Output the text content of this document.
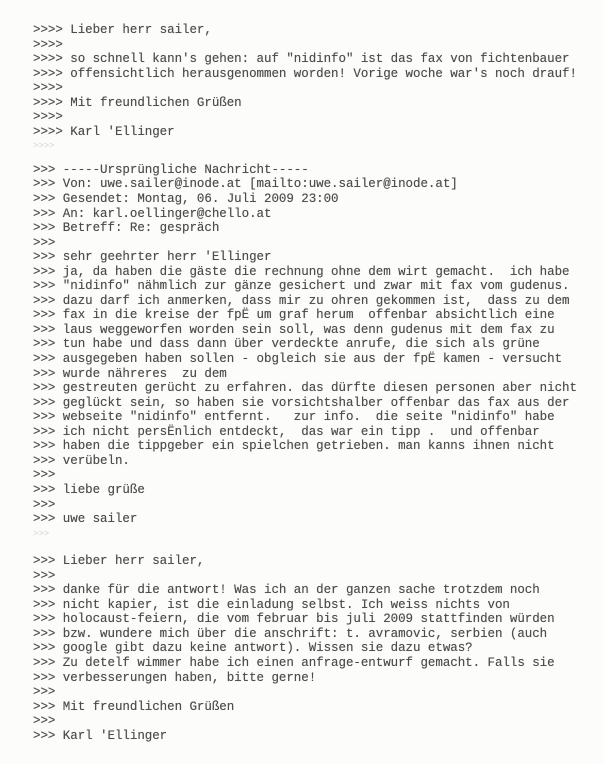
>>>> Lieber herr sailer,
>>>>
>>>> so schnell kann's gehen: auf "nidinfo" ist das fax von fichtenbauer
>>>> offensichtlich herausgenommen worden! Vorige woche war's noch drauf!
>>>>
>>>> Mit freundlichen Grüßen
>>>>
>>>> Karl 'Ellinger
>>>>
>>> -----Ursprüngliche Nachricht-----
>>> Von: uwe.sailer@inode.at [mailto:uwe.sailer@inode.at]
>>> Gesendet: Montag, 06. Juli 2009 23:00
>>> An: karl.oellinger@chello.at
>>> Betreff: Re: gespräch
>>>
>>> sehr geehrter herr 'Ellinger
>>> ja, da haben die gäste die rechnung ohne dem wirt gemacht.  ich habe
>>> "nidinfo" nähmlich zur gänze gesichert und zwar mit fax vom gudenus.
>>> dazu darf ich anmerken, dass mir zu ohren gekommen ist,  dass zu dem
>>> fax in die kreise der fpЁ um graf herum  offenbar absichtlich eine
>>> laus weggeworfen worden sein soll, was denn gudenus mit dem fax zu
>>> tun habe und dass dann über verdeckte anrufe, die sich als grüne
>>> ausgegeben haben sollen - obgleich sie aus der fpЁ kamen - versucht
>>> wurde nähreres  zu dem
>>> gestreuten gerücht zu erfahren. das dürfte diesen personen aber nicht
>>> geglückt sein, so haben sie vorsichtshalber offenbar das fax aus der
>>> webseite "nidinfo" entfernt.   zur info.  die seite "nidinfo" habe
>>> ich nicht persЁnlich entdeckt,  das war ein tipp .  und offenbar
>>> haben die tippgeber ein spielchen getrieben. man kanns ihnen nicht
>>> verübeln.
>>>
>>> liebe grüße
>>>
>>> uwe sailer
>>>
>>> Lieber herr sailer,
>>>
>>> danke für die antwort! Was ich an der ganzen sache trotzdem noch
>>> nicht kapier, ist die einladung selbst. Ich weiss nichts von
>>> holocaust-feiern, die vom februar bis juli 2009 stattfinden würden
>>> bzw. wundere mich über die anschrift: t. avramovic, serbien (auch
>>> google gibt dazu keine antwort). Wissen sie dazu etwas?
>>> Zu detelf wimmer habe ich einen anfrage-entwurf gemacht. Falls sie
>>> verbesserungen haben, bitte gerne!
>>>
>>> Mit freundlichen Grüßen
>>>
>>> Karl 'Ellinger
